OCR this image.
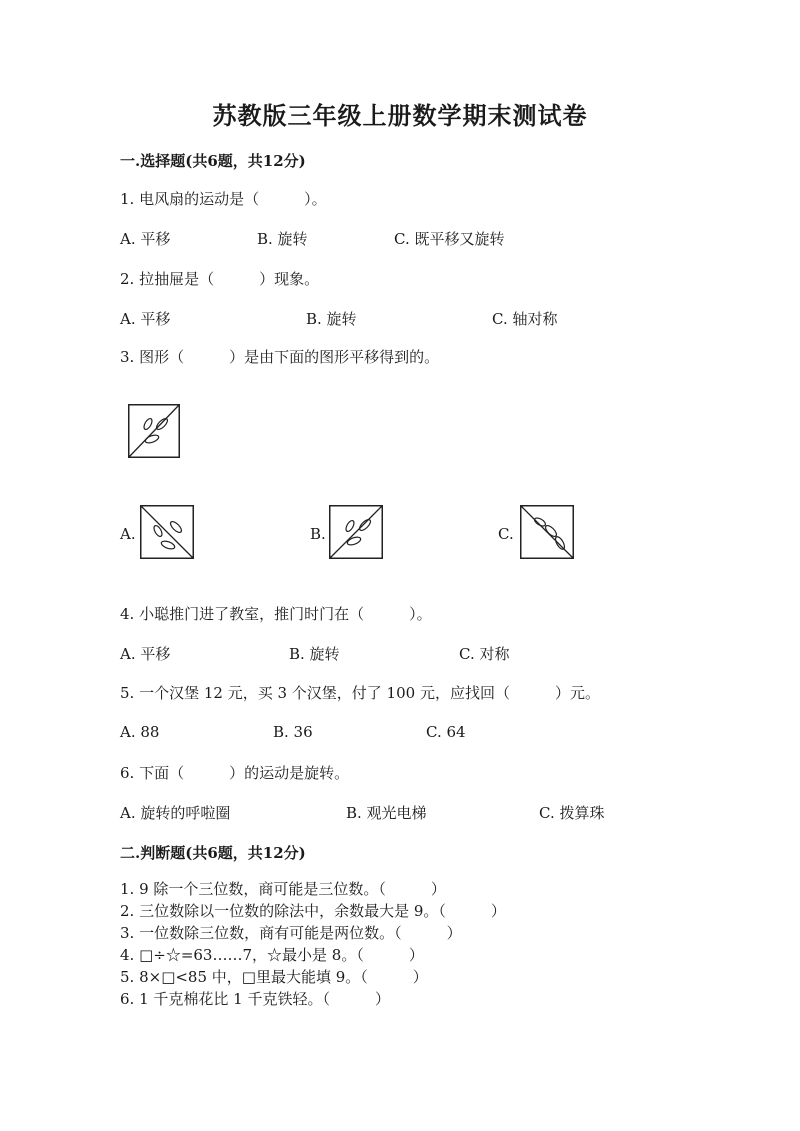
苏教版三年级上册数学期末测试卷
一.选择题(共6题，共12分)
1. 电风扇的运动是（　　　）。
A. 平移	B. 旋转	C. 既平移又旋转
2. 拉抽屉是（　　　）现象。
A. 平移	B. 旋转	C. 轴对称
3. 图形（　　　）是由下面的图形平移得到的。
A.	B.	C.
4. 小聪推门进了教室，推门时门在（　　　）。
A. 平移	B. 旋转	C. 对称
5. 一个汉堡 12 元，买 3 个汉堡，付了 100 元，应找回（　　　）元。
A. 88	B. 36	C. 64
6. 下面（　　　）的运动是旋转。
A. 旋转的呼啦圈	B. 观光电梯	C. 拨算珠
二.判断题(共6题，共12分)
1. 9 除一个三位数，商可能是三位数。（　　　）
2. 三位数除以一位数的除法中，余数最大是 9。（　　　）
3. 一位数除三位数，商有可能是两位数。（　　　）
4. □÷☆=63……7，☆最小是 8。（　　　）
5. 8×□<85 中，□里最大能填 9。（　　　）
6. 1 千克棉花比 1 千克铁轻。（　　　）
